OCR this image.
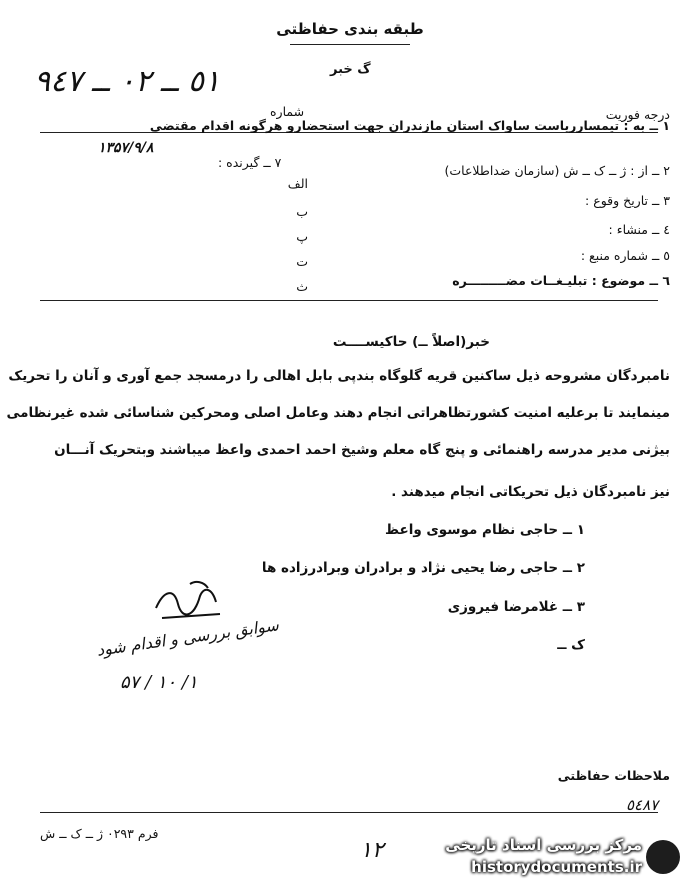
طبقه بندی حفاظتی
گ خبر
٥١ ــ ٠٢ ــ ٩٤٧
درجه فوریت
شماره
۱ ــ به : تیمسارریاست ساواک استان مازندران جهت استحضارو هرگونه اقدام مقتضی
۱۳۵۷/۹/۸
۲ ــ از : ژ ــ ک ــ ش (سازمان ضداطلاعات)
۷ ــ گیرنده :
الف
ب
پ
ت
ث
۳ ــ تاریخ وقوع :
٤ ــ منشاء :
٥ ــ شماره منبع :
٦ ــ موضوع : تبلیـغــات مضـــــــــره
خبر(اصلاً ــ) حاکیســــت
نامبردگان مشروحه ذیل ساکنین قریه گلوگاه بندپی بابل اهالی را درمسجد جمع آوری و آنان را تحریک
مینمایند تا برعلیه امنیت کشورتظاهراتی انجام دهند وعامل اصلی ومحرکین شناسائی شده غیرنظامی
بیژنی مدیر مدرسه راهنمائی و پنج گاه معلم وشیخ احمد احمدی واعظ میباشند وبتحریک آنـــان
نیز نامبردگان ذیل تحریکاتی انجام میدهند .
۱ ــ حاجی نظام موسوی واعظ
۲ ــ حاجی رضا یحیی نژاد و برادران وبرادرزاده ها
۳ ــ غلامرضا فیروزی
ک ــ
سوابق بررسی و اقدام شود
۱/ ۱۰ / ۵۷
ملاحظات حفاظتی
٥٤٨٧
فرم ۰۲۹۳ ژ ــ ک ــ ش
۱۲	مرکز بررسی اسناد تاریخی
historydocuments.ir
